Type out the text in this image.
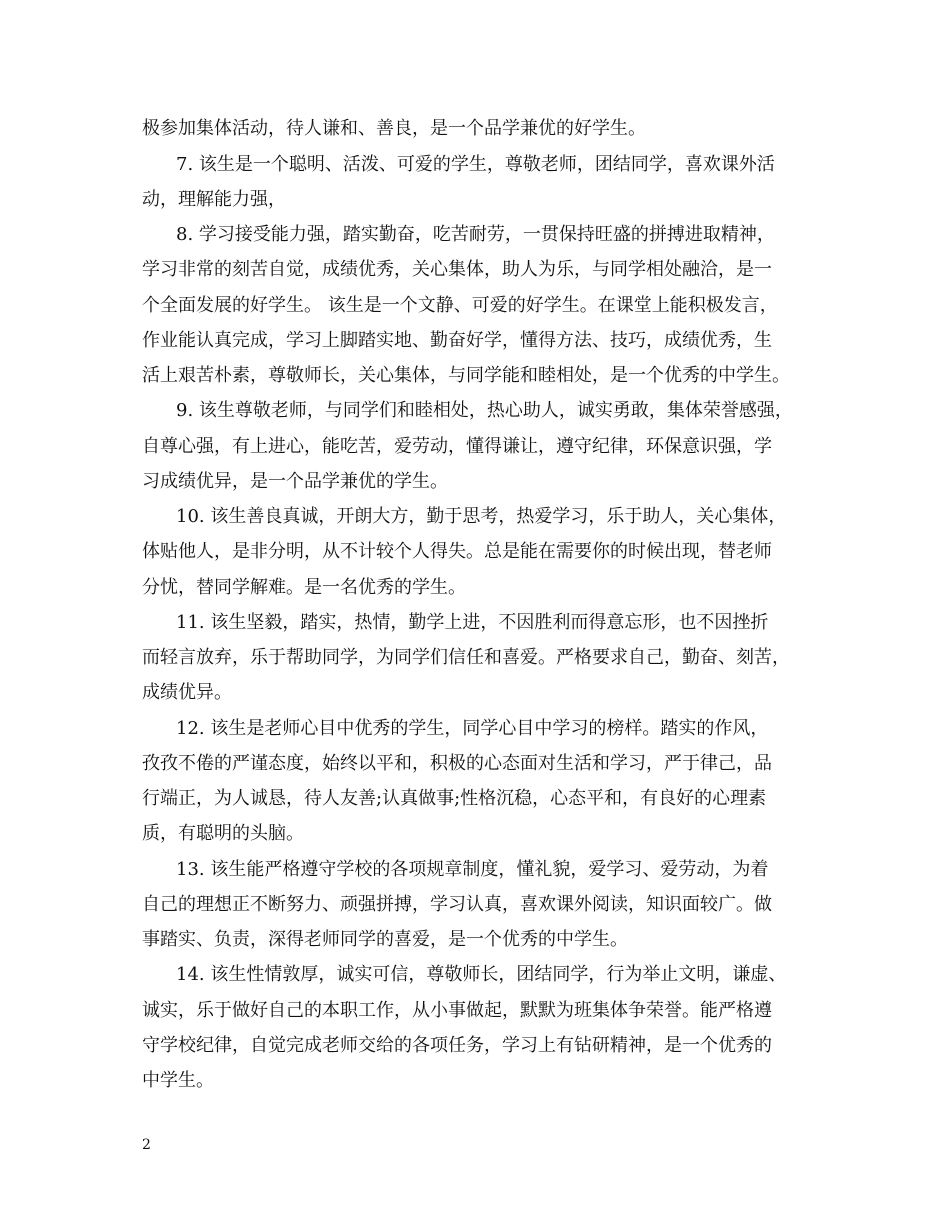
极参加集体活动，待人谦和、善良，是一个品学兼优的好学生。
7. 该生是一个聪明、活泼、可爱的学生，尊敬老师，团结同学，喜欢课外活
动，理解能力强，
8. 学习接受能力强，踏实勤奋，吃苦耐劳，一贯保持旺盛的拼搏进取精神，
学习非常的刻苦自觉，成绩优秀，关心集体，助人为乐，与同学相处融洽，是一
个全面发展的好学生。 该生是一个文静、可爱的好学生。在课堂上能积极发言，
作业能认真完成，学习上脚踏实地、勤奋好学，懂得方法、技巧，成绩优秀，生
活上艰苦朴素，尊敬师长，关心集体，与同学能和睦相处，是一个优秀的中学生。
9. 该生尊敬老师，与同学们和睦相处，热心助人，诚实勇敢，集体荣誉感强，
自尊心强，有上进心，能吃苦，爱劳动，懂得谦让，遵守纪律，环保意识强，学
习成绩优异，是一个品学兼优的学生。
10. 该生善良真诚，开朗大方，勤于思考，热爱学习，乐于助人，关心集体，
体贴他人，是非分明，从不计较个人得失。总是能在需要你的时候出现，替老师
分忧，替同学解难。是一名优秀的学生。
11. 该生坚毅，踏实，热情，勤学上进，不因胜利而得意忘形，也不因挫折
而轻言放弃，乐于帮助同学，为同学们信任和喜爱。严格要求自己，勤奋、刻苦，
成绩优异。
12. 该生是老师心目中优秀的学生，同学心目中学习的榜样。踏实的作风，
孜孜不倦的严谨态度，始终以平和，积极的心态面对生活和学习，严于律己，品
行端正，为人诚恳，待人友善;认真做事;性格沉稳，心态平和，有良好的心理素
质，有聪明的头脑。
13. 该生能严格遵守学校的各项规章制度，懂礼貌，爱学习、爱劳动，为着
自己的理想正不断努力、顽强拼搏，学习认真，喜欢课外阅读，知识面较广。做
事踏实、负责，深得老师同学的喜爱，是一个优秀的中学生。
14. 该生性情敦厚，诚实可信，尊敬师长，团结同学，行为举止文明，谦虚、
诚实，乐于做好自己的本职工作，从小事做起，默默为班集体争荣誉。能严格遵
守学校纪律，自觉完成老师交给的各项任务，学习上有钻研精神，是一个优秀的
中学生。
2
